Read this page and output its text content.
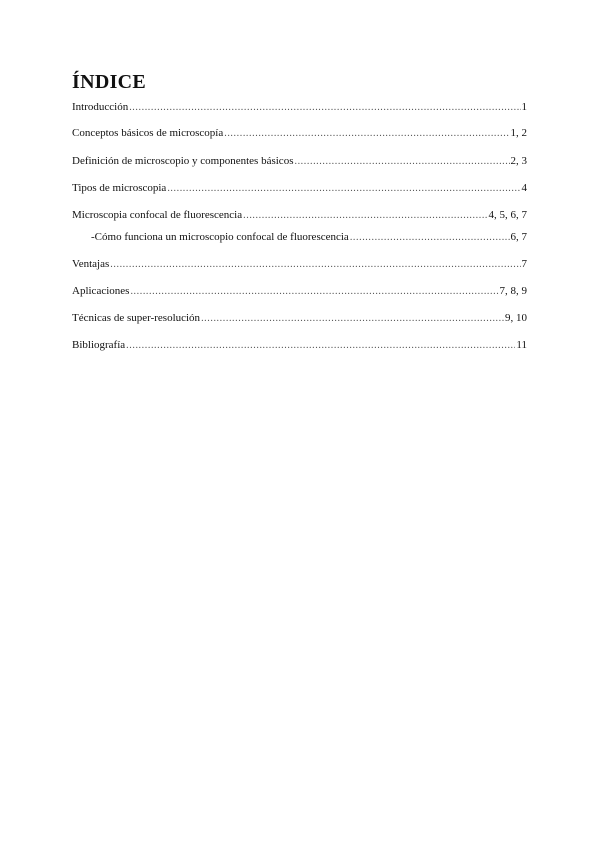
ÍNDICE
Introducción .....	1
Conceptos básicos de microscopía .....	1, 2
Definición de microscopio y componentes básicos .....	2, 3
Tipos de microscopia .....	4
Microscopia confocal de fluorescencia .....	4, 5, 6, 7
- Cómo funciona un microscopio confocal de fluorescencia .....	6, 7
Ventajas .....	7
Aplicaciones .....	7, 8, 9
Técnicas de super-resolución .....	9, 10
Bibliografía .....	11
